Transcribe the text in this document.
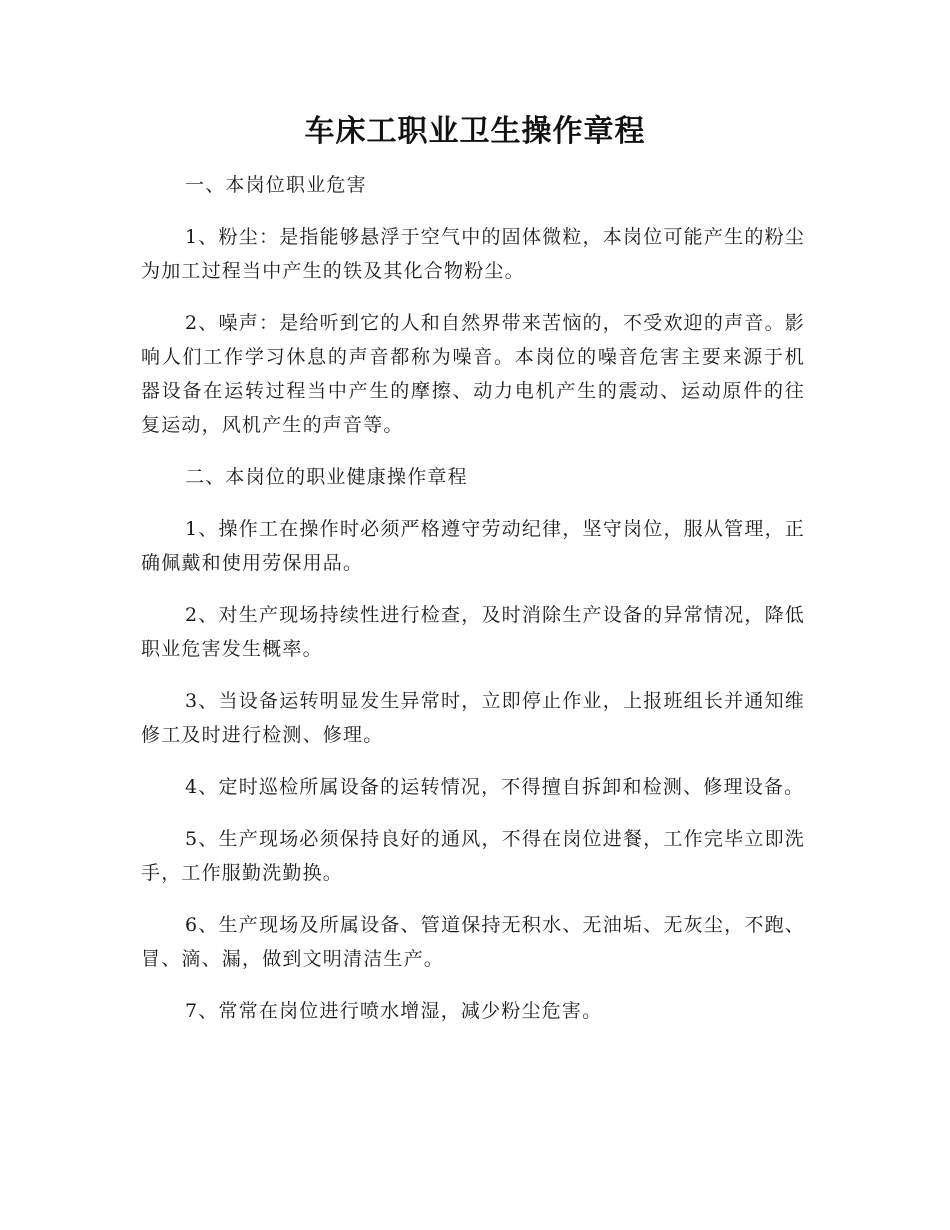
车床工职业卫生操作章程

一、本岗位职业危害

1、粉尘：是指能够悬浮于空气中的固体微粒，本岗位可能产生的粉尘为加工过程当中产生的铁及其化合物粉尘。

2、噪声：是给听到它的人和自然界带来苦恼的，不受欢迎的声音。影响人们工作学习休息的声音都称为噪音。本岗位的噪音危害主要来源于机器设备在运转过程当中产生的摩擦、动力电机产生的震动、运动原件的往复运动，风机产生的声音等。

二、本岗位的职业健康操作章程

1、操作工在操作时必须严格遵守劳动纪律，坚守岗位，服从管理，正确佩戴和使用劳保用品。

2、对生产现场持续性进行检查，及时消除生产设备的异常情况，降低职业危害发生概率。

3、当设备运转明显发生异常时，立即停止作业，上报班组长并通知维修工及时进行检测、修理。

4、定时巡检所属设备的运转情况，不得擅自拆卸和检测、修理设备。

5、生产现场必须保持良好的通风，不得在岗位进餐，工作完毕立即洗手，工作服勤洗勤换。

6、生产现场及所属设备、管道保持无积水、无油垢、无灰尘，不跑、冒、滴、漏，做到文明清洁生产。

7、常常在岗位进行喷水增湿，减少粉尘危害。
